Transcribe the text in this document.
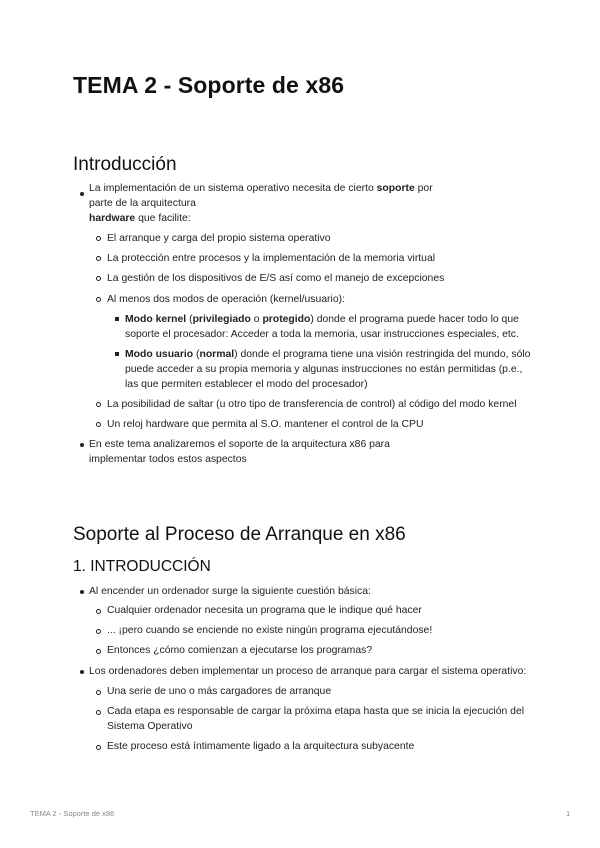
TEMA 2 - Soporte de x86
Introducción
La implementación de un sistema operativo necesita de cierto soporte por
parte de la arquitectura
hardware que facilite:
El arranque y carga del propio sistema operativo
La protección entre procesos y la implementación de la memoria virtual
La gestión de los dispositivos de E/S así como el manejo de excepciones
Al menos dos modos de operación (kernel/usuario):
Modo kernel (privilegiado o protegido) donde el programa puede hacer todo lo que
soporte el procesador: Acceder a toda la memoria, usar instrucciones especiales, etc.
Modo usuario (normal) donde el programa tiene una visión restringida del mundo, sólo
puede acceder a su propia memoria y algunas instrucciones no están permitidas (p.e.,
las que permiten establecer el modo del procesador)
La posibilidad de saltar (u otro tipo de transferencia de control) al código del modo kernel
Un reloj hardware que permita al S.O. mantener el control de la CPU
En este tema analizaremos el soporte de la arquitectura x86 para
implementar todos estos aspectos
Soporte al Proceso de Arranque en x86
1. INTRODUCCIÓN
Al encender un ordenador surge la siguiente cuestión básica:
Cualquier ordenador necesita un programa que le indique qué hacer
... ¡pero cuando se enciende no existe ningún programa ejecutándose!
Entonces ¿cómo comienzan a ejecutarse los programas?
Los ordenadores deben implementar un proceso de arranque para cargar el sistema operativo:
Una serie de uno o más cargadores de arranque
Cada etapa es responsable de cargar la próxima etapa hasta que se inicia la ejecución del
Sistema Operativo
Este proceso está íntimamente ligado a la arquitectura subyacente
TEMA 2 - Soporte de x86	1
